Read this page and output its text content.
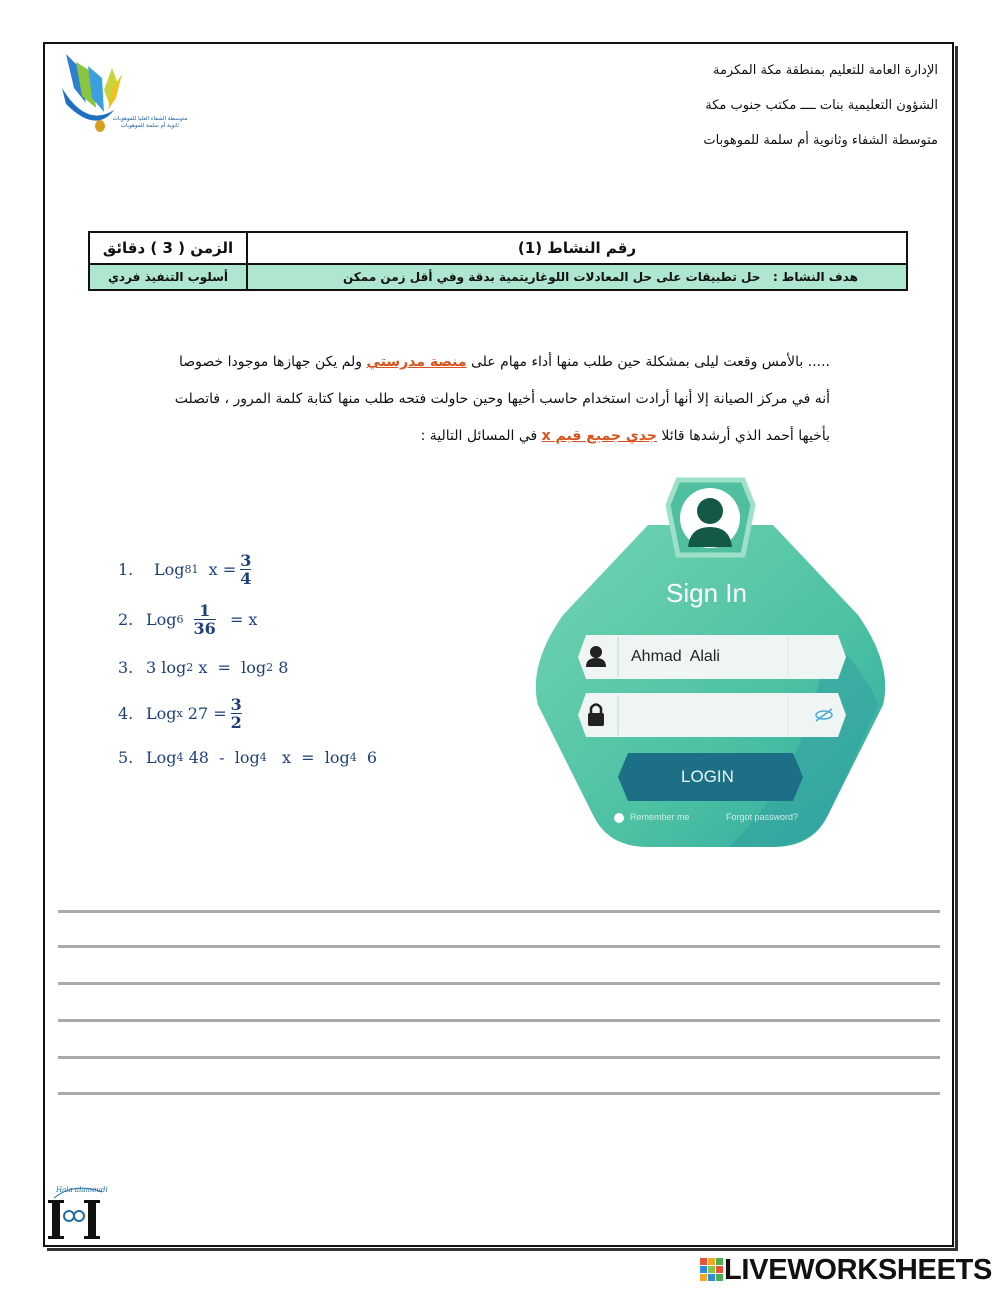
متوسطة الشفاء العليا للموهوبات
ثانوية أم سلمة للموهوبات
الإدارة العامة للتعليم بمنطقة مكة المكرمة
الشؤون التعليمية بنات ــــ مكتب جنوب مكة
متوسطة الشفاء وثانوية أم سلمة للموهوبات
رقم النشاط (1)	الزمن ( 3 ) دقائق
هدف النشاط :   حل تطبيقات على حل المعادلات اللوغاريتمية بدقة وفي أقل زمن ممكن	أسلوب التنفيذ فردي
..... بالأمس وقعت ليلى بمشكلة حين طلب منها أداء مهام على منصة مدرستي ولم يكن جهازها موجودا خصوصا
أنه في مركز الصيانة إلا أنها أرادت استخدام حاسب أخيها وحين حاولت فتحه طلب منها كتابة كلمة المرور ، فاتصلت
بأخيها أحمد الذي أرشدها قائلا جدي جميع قيم x في المسائل التالية :
1.	Log 81 $x = \frac{3}{4}$
2. Log $6 \frac{1}{36} = x$
3. 3 log 2 x  =  log 2 8
4. Log x $27 = \frac{3}{2}$
5. Log 4 48  -  log 4 x  =  log 4 6
Sign In
Ahmad  Alali
LOGIN
Remember me	Forgot password?
Hala alamoudi
LIVEWORKSHEETS
